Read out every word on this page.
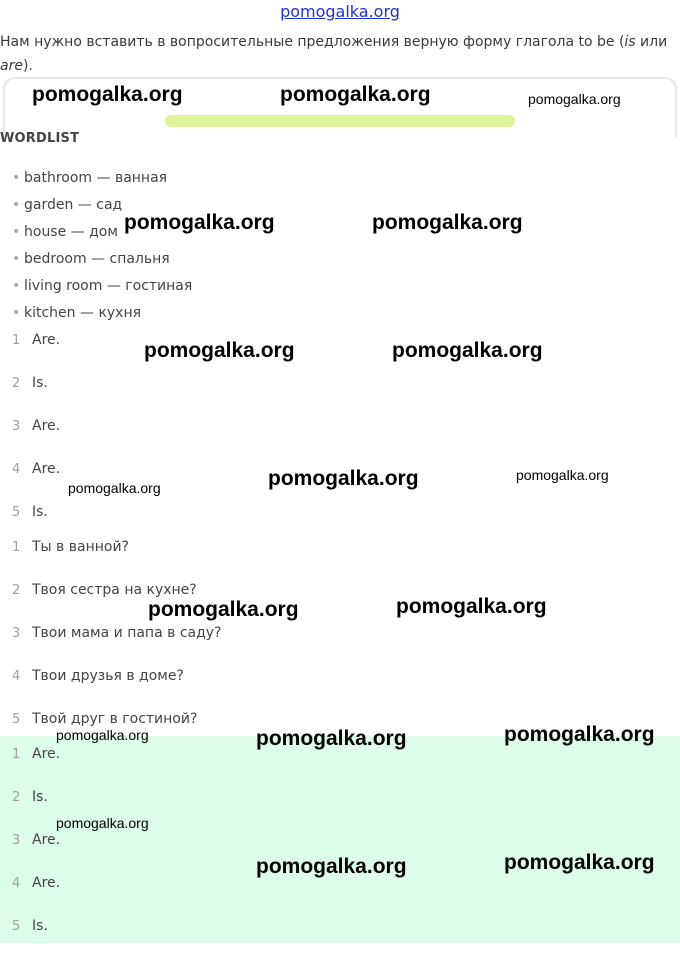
pomogalka.org
Нам нужно вставить в вопросительные предложения верную форму глагола to be (is или are).
WORDLIST
• bathroom — ванная
• garden — сад
• house — дом
• bedroom — спальня
• living room — гостиная
• kitchen — кухня
1 Are.
2 Is.
3 Are.
4 Are.
5 Is.
1 Ты в ванной?
2 Твоя сестра на кухне?
3 Твои мама и папа в саду?
4 Твои друзья в доме?
5 Твой друг в гостиной?
1 Are.
2 Is.
3 Are.
4 Are.
5 Is.
pomogalka.org	pomogalka.org	pomogalka.org
pomogalka.org	pomogalka.org
pomogalka.org	pomogalka.org
pomogalka.org	pomogalka.org
pomogalka.org
pomogalka.org	pomogalka.org
pomogalka.org	pomogalka.org	pomogalka.org
pomogalka.org
pomogalka.org	pomogalka.org
